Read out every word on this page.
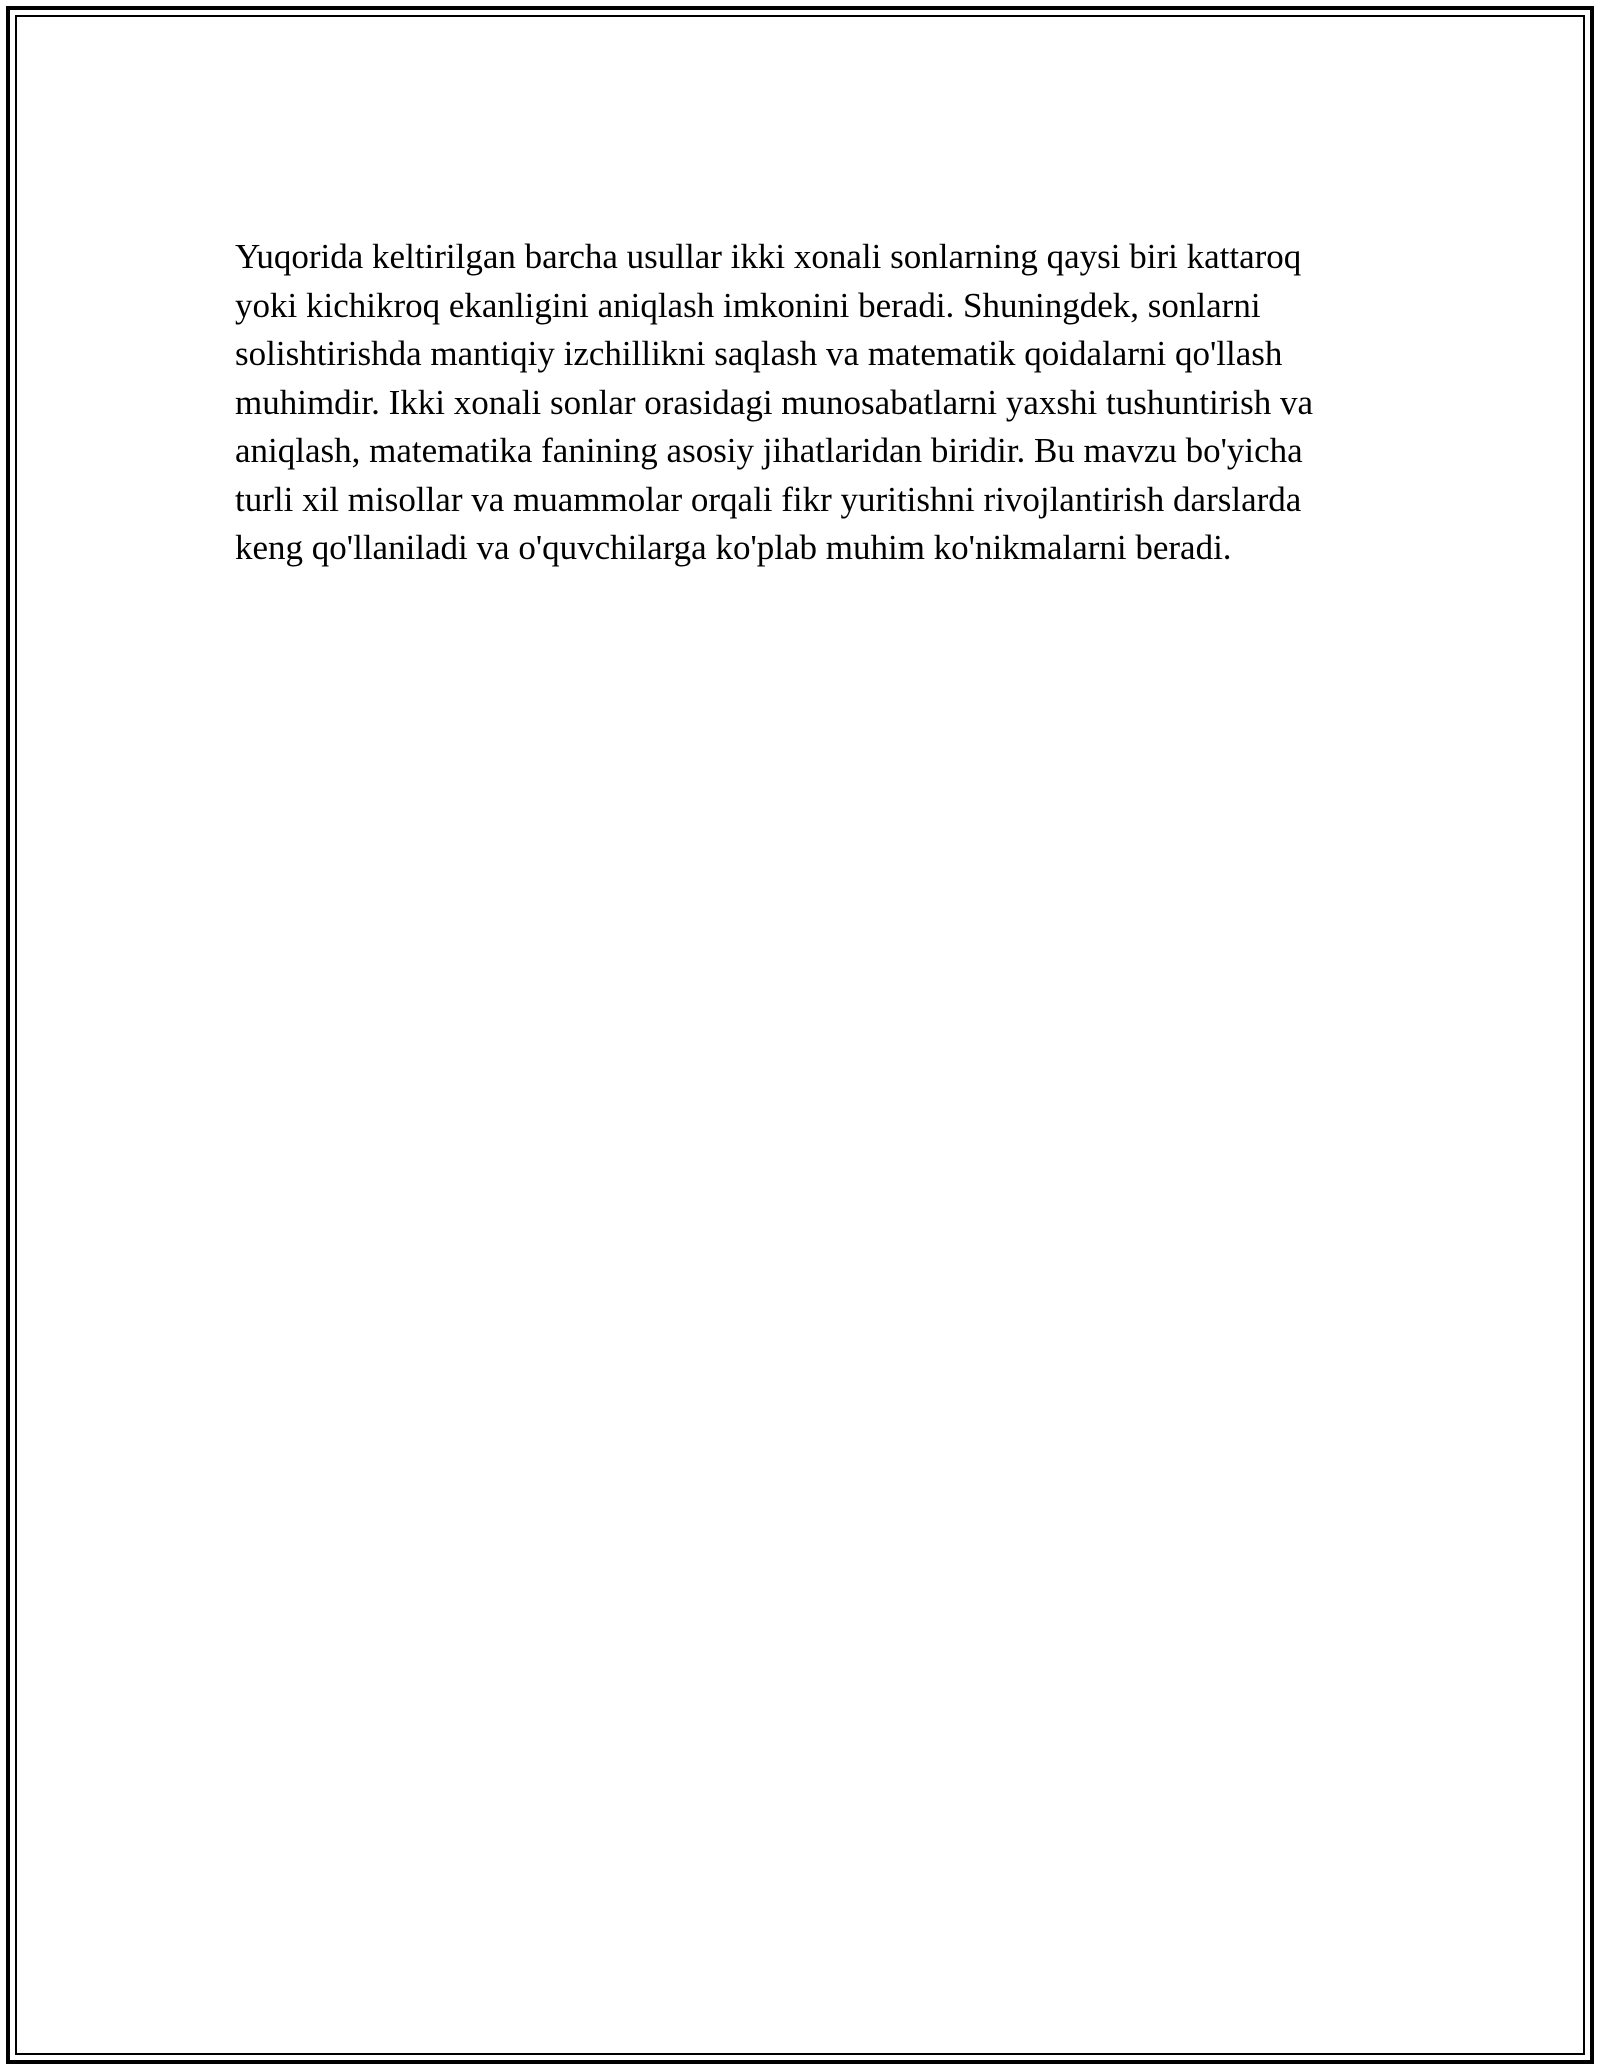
Yuqorida keltirilgan barcha usullar ikki xonali sonlarning qaysi biri kattaroq
yoki kichikroq ekanligini aniqlash imkonini beradi. Shuningdek, sonlarni
solishtirishda mantiqiy izchillikni saqlash va matematik qoidalarni qo'llash
muhimdir. Ikki xonali sonlar orasidagi munosabatlarni yaxshi tushuntirish va
aniqlash, matematika fanining asosiy jihatlaridan biridir. Bu mavzu bo'yicha
turli xil misollar va muammolar orqali fikr yuritishni rivojlantirish darslarda
keng qo'llaniladi va o'quvchilarga ko'plab muhim ko'nikmalarni beradi.
